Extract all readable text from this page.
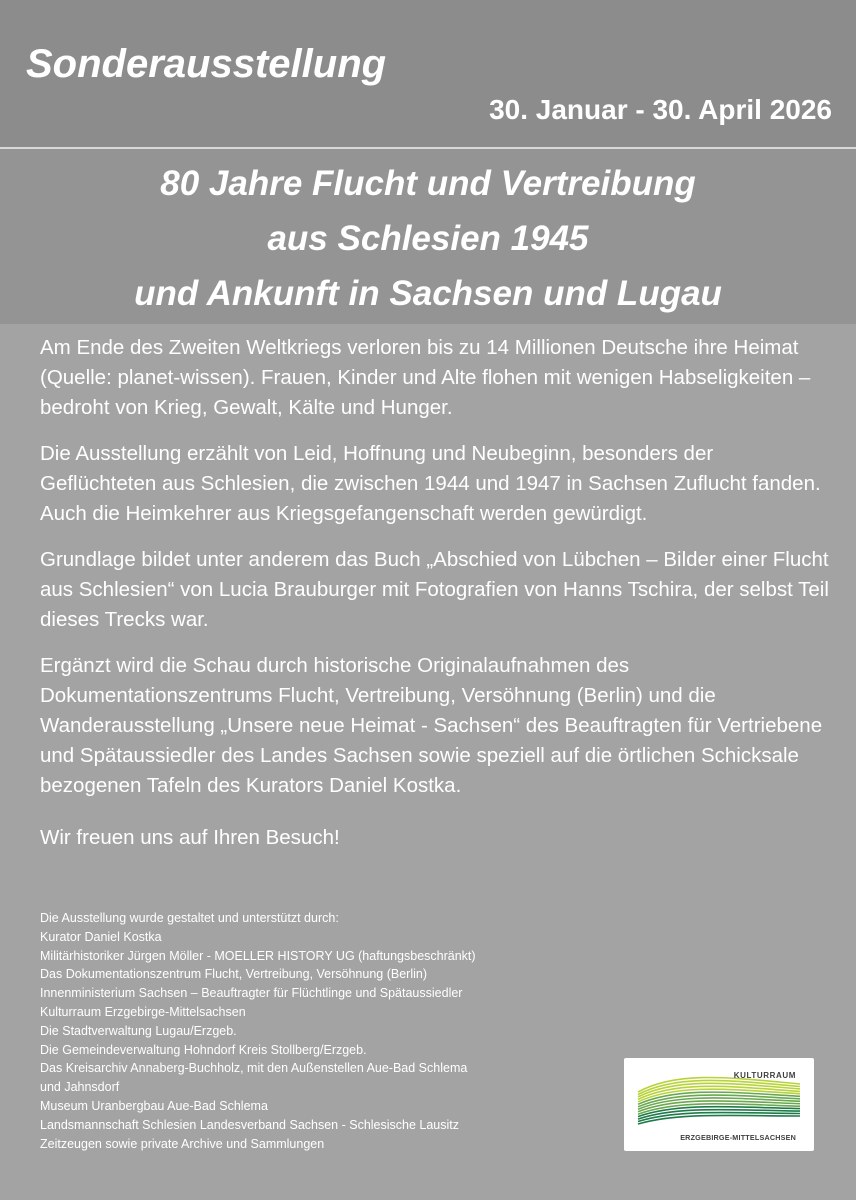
Sonderausstellung
30. Januar - 30. April 2026
80 Jahre Flucht und Vertreibung
aus Schlesien 1945
und Ankunft in Sachsen und Lugau

Am Ende des Zweiten Weltkriegs verloren bis zu 14 Millionen Deutsche ihre Heimat (Quelle: planet-wissen). Frauen, Kinder und Alte flohen mit wenigen Habseligkeiten – bedroht von Krieg, Gewalt, Kälte und Hunger.

Die Ausstellung erzählt von Leid, Hoffnung und Neubeginn, besonders der Geflüchteten aus Schlesien, die zwischen 1944 und 1947 in Sachsen Zuflucht fanden. Auch die Heimkehrer aus Kriegsgefangenschaft werden gewürdigt.

Grundlage bildet unter anderem das Buch „Abschied von Lübchen – Bilder einer Flucht aus Schlesien“ von Lucia Brauburger mit Fotografien von Hanns Tschira, der selbst Teil dieses Trecks war.

Ergänzt wird die Schau durch historische Originalaufnahmen des Dokumentationszentrums Flucht, Vertreibung, Versöhnung (Berlin) und die Wanderausstellung „Unsere neue Heimat - Sachsen“ des Beauftragten für Vertriebene und Spätaussiedler des Landes Sachsen sowie speziell auf die örtlichen Schicksale bezogenen Tafeln des Kurators Daniel Kostka.

Wir freuen uns auf Ihren Besuch!

Die Ausstellung wurde gestaltet und unterstützt durch:
Kurator Daniel Kostka
Militärhistoriker Jürgen Möller - MOELLER HISTORY UG (haftungsbeschränkt)
Das Dokumentationszentrum Flucht, Vertreibung, Versöhnung (Berlin)
Innenministerium Sachsen – Beauftragter für Flüchtlinge und Spätaussiedler
Kulturraum Erzgebirge-Mittelsachsen
Die Stadtverwaltung Lugau/Erzgeb.
Die Gemeindeverwaltung Hohndorf Kreis Stollberg/Erzgeb.
Das Kreisarchiv Annaberg-Buchholz, mit den Außenstellen Aue-Bad Schlema
und Jahnsdorf
Museum Uranbergbau Aue-Bad Schlema
Landsmannschaft Schlesien Landesverband Sachsen - Schlesische Lausitz
Zeitzeugen sowie private Archive und Sammlungen
KULTURRAUM
ERZGEBIRGE-MITTELSACHSEN
